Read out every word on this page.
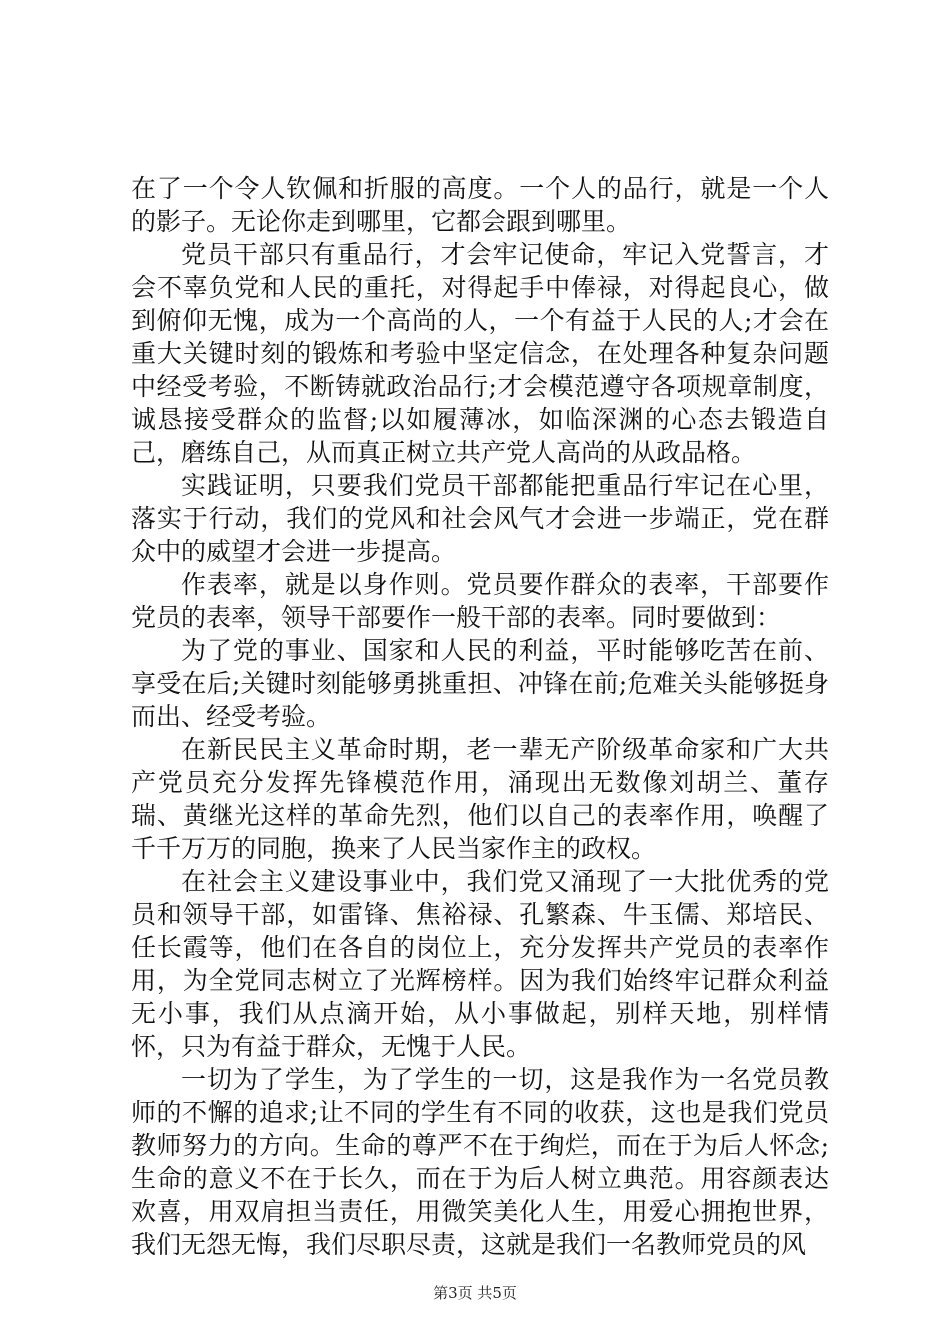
在了一个令人钦佩和折服的高度。一个人的品行，就是一个人的影子。无论你走到哪里，它都会跟到哪里。

党员干部只有重品行，才会牢记使命，牢记入党誓言，才会不辜负党和人民的重托，对得起手中俸禄，对得起良心，做到俯仰无愧，成为一个高尚的人，一个有益于人民的人;才会在重大关键时刻的锻炼和考验中坚定信念，在处理各种复杂问题中经受考验，不断铸就政治品行;才会模范遵守各项规章制度，诚恳接受群众的监督;以如履薄冰，如临深渊的心态去锻造自己，磨练自己，从而真正树立共产党人高尚的从政品格。

实践证明，只要我们党员干部都能把重品行牢记在心里，落实于行动，我们的党风和社会风气才会进一步端正，党在群众中的威望才会进一步提高。

作表率，就是以身作则。党员要作群众的表率，干部要作党员的表率，领导干部要作一般干部的表率。同时要做到：

为了党的事业、国家和人民的利益，平时能够吃苦在前、享受在后;关键时刻能够勇挑重担、冲锋在前;危难关头能够挺身而出、经受考验。

在新民民主义革命时期，老一辈无产阶级革命家和广大共产党员充分发挥先锋模范作用，涌现出无数像刘胡兰、董存瑞、黄继光这样的革命先烈，他们以自己的表率作用，唤醒了千千万万的同胞，换来了人民当家作主的政权。

在社会主义建设事业中，我们党又涌现了一大批优秀的党员和领导干部，如雷锋、焦裕禄、孔繁森、牛玉儒、郑培民、任长霞等，他们在各自的岗位上，充分发挥共产党员的表率作用，为全党同志树立了光辉榜样。因为我们始终牢记群众利益无小事，我们从点滴开始，从小事做起，别样天地，别样情怀，只为有益于群众，无愧于人民。

一切为了学生，为了学生的一切，这是我作为一名党员教师的不懈的追求;让不同的学生有不同的收获，这也是我们党员教师努力的方向。生命的尊严不在于绚烂，而在于为后人怀念;生命的意义不在于长久，而在于为后人树立典范。用容颜表达欢喜，用双肩担当责任，用微笑美化人生，用爱心拥抱世界，我们无怨无悔，我们尽职尽责，这就是我们一名教师党员的风

第3页 共5页
